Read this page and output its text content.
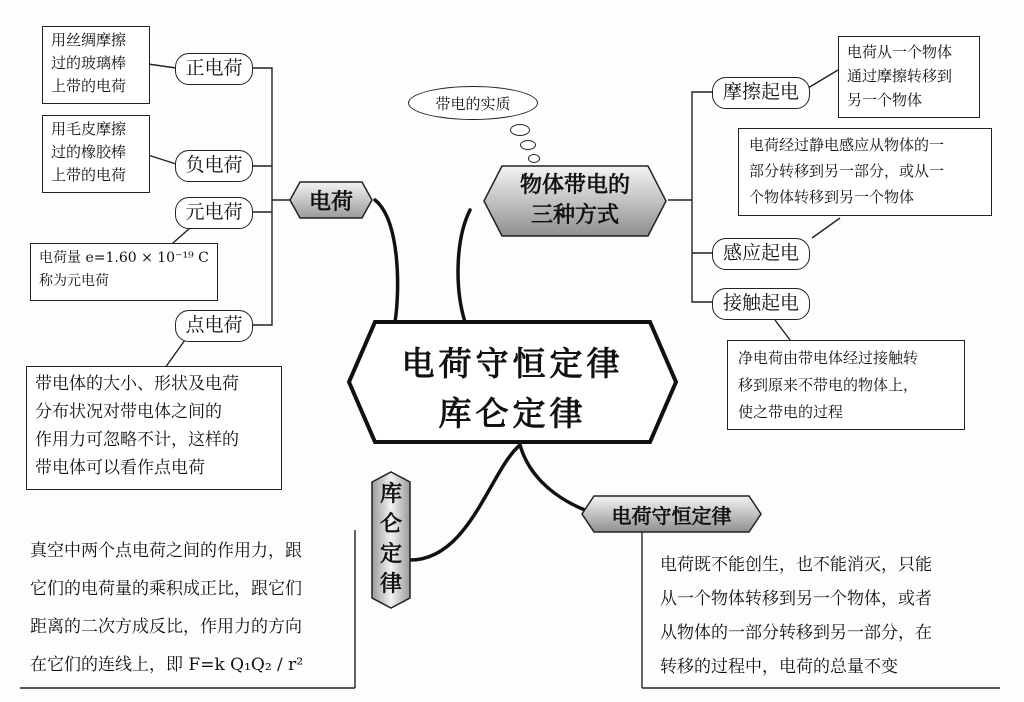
用丝绸摩擦
过的玻璃棒
上带的电荷
正电荷
用毛皮摩擦
过的橡胶棒
上带的电荷	负电荷
元电荷
电荷量 e=1.60 × 10⁻¹⁹ C
称为元电荷
点电荷
带电体的大小、形状及电荷
分布状况对带电体之间的
作用力可忽略不计，这样的
带电体可以看作点电荷
电荷
电荷守恒定律
库仑定律
带电的实质
物体带电的
三种方式
摩擦起电
电荷从一个物体
通过摩擦转移到
另一个物体
电荷经过静电感应从物体的一
部分转移到另一部分，或从一
个物体转移到另一个物体
感应起电
接触起电
净电荷由带电体经过接触转
移到原来不带电的物体上，
使之带电的过程
电荷守恒定律
电荷既不能创生，也不能消灭，只能
从一个物体转移到另一个物体，或者
从物体的一部分转移到另一部分，在
转移的过程中，电荷的总量不变
库仑定律
真空中两个点电荷之间的作用力，跟
它们的电荷量的乘积成正比，跟它们
距离的二次方成反比，作用力的方向
在它们的连线上，即 F=k Q₁Q₂ / r²
